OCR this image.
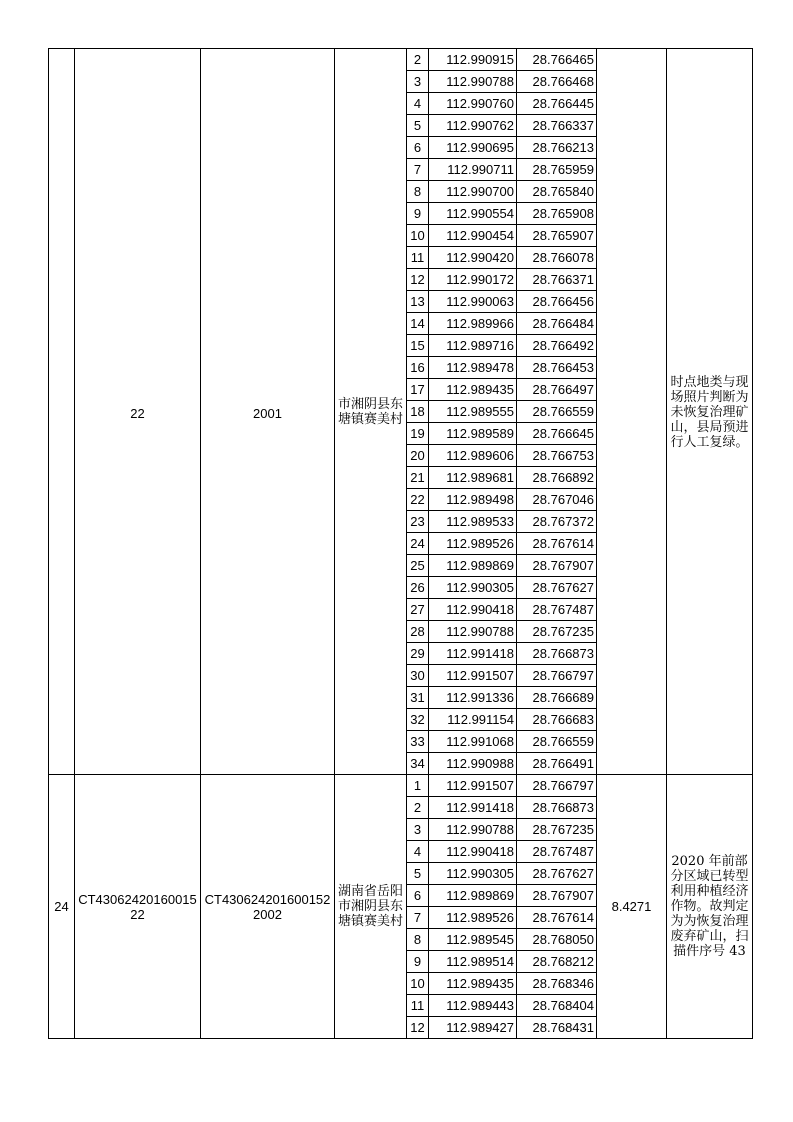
	22	2001	市湘阴县东塘镇赛美村	2	112.990915	28.766465		时点地类与现场照片判断为未恢复治理矿山，县局预进行人工复绿。
				3	112.990788	28.766468		
				4	112.990760	28.766445		
				5	112.990762	28.766337		
				6	112.990695	28.766213		
				7	112.990711	28.765959		
				8	112.990700	28.765840		
				9	112.990554	28.765908		
				10	112.990454	28.765907		
				11	112.990420	28.766078		
				12	112.990172	28.766371		
				13	112.990063	28.766456		
				14	112.989966	28.766484		
				15	112.989716	28.766492		
				16	112.989478	28.766453		
				17	112.989435	28.766497		
				18	112.989555	28.766559		
				19	112.989589	28.766645		
				20	112.989606	28.766753		
				21	112.989681	28.766892		
				22	112.989498	28.767046		
				23	112.989533	28.767372		
				24	112.989526	28.767614		
				25	112.989869	28.767907		
				26	112.990305	28.767627		
				27	112.990418	28.767487		
				28	112.990788	28.767235		
				29	112.991418	28.766873		
				30	112.991507	28.766797		
				31	112.991336	28.766689		
				32	112.991154	28.766683		
				33	112.991068	28.766559		
				34	112.990988	28.766491		
24	CT4306242016001522	CT4306242016001522002	湖南省岳阳市湘阴县东塘镇赛美村	1	112.991507	28.766797	8.4271	2020 年前部分区域已转型利用种植经济作物。故判定为为恢复治理废弃矿山，扫描件序号 43
				2	112.991418	28.766873		
				3	112.990788	28.767235		
				4	112.990418	28.767487		
				5	112.990305	28.767627		
				6	112.989869	28.767907		
				7	112.989526	28.767614		
				8	112.989545	28.768050		
				9	112.989514	28.768212		
				10	112.989435	28.768346		
				11	112.989443	28.768404		
				12	112.989427	28.768431		
